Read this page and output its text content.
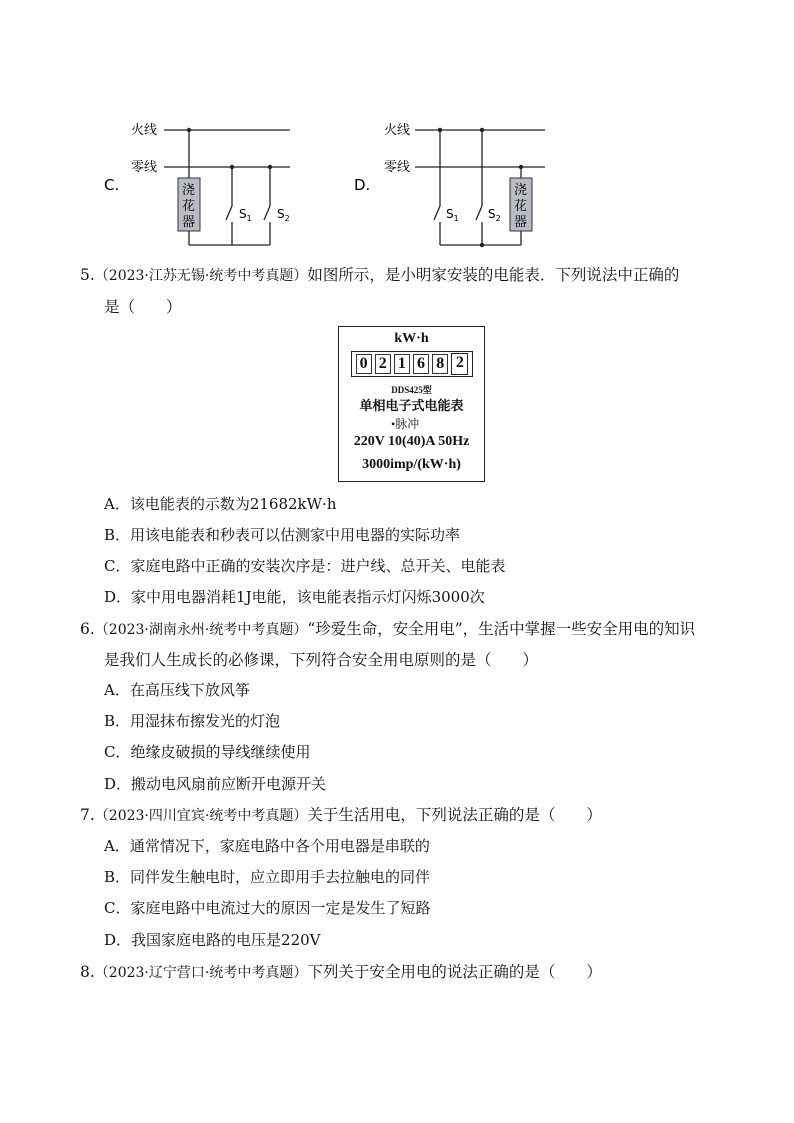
C.
火线
零线
浇
花
器
$S_1$ $S_2$
D.
火线
零线
$S_1$ $S_2$
浇
花
器
5.（2023·江苏无锡·统考中考真题）如图所示，是小明家安装的电能表．下列说法中正确的
是（　　）
kW·h
0 2 1 6 8 2
DDS425型
单相电子式电能表
•脉冲
220V 10(40)A 50Hz
3000imp/(kW·h)
A．该电能表的示数为21682kW·h
B．用该电能表和秒表可以估测家中用电器的实际功率
C．家庭电路中正确的安装次序是：进户线、总开关、电能表
D．家中用电器消耗1J电能，该电能表指示灯闪烁3000次
6.（2023·湖南永州·统考中考真题）“珍爱生命，安全用电”，生活中掌握一些安全用电的知识
是我们人生成长的必修课，下列符合安全用电原则的是（　　）
A．在高压线下放风筝
B．用湿抹布擦发光的灯泡
C．绝缘皮破损的导线继续使用
D．搬动电风扇前应断开电源开关
7.（2023·四川宜宾·统考中考真题）关于生活用电，下列说法正确的是（　　）
A．通常情况下，家庭电路中各个用电器是串联的
B．同伴发生触电时，应立即用手去拉触电的同伴
C．家庭电路中电流过大的原因一定是发生了短路
D．我国家庭电路的电压是220V
8.（2023·辽宁营口·统考中考真题）下列关于安全用电的说法正确的是（　　）
